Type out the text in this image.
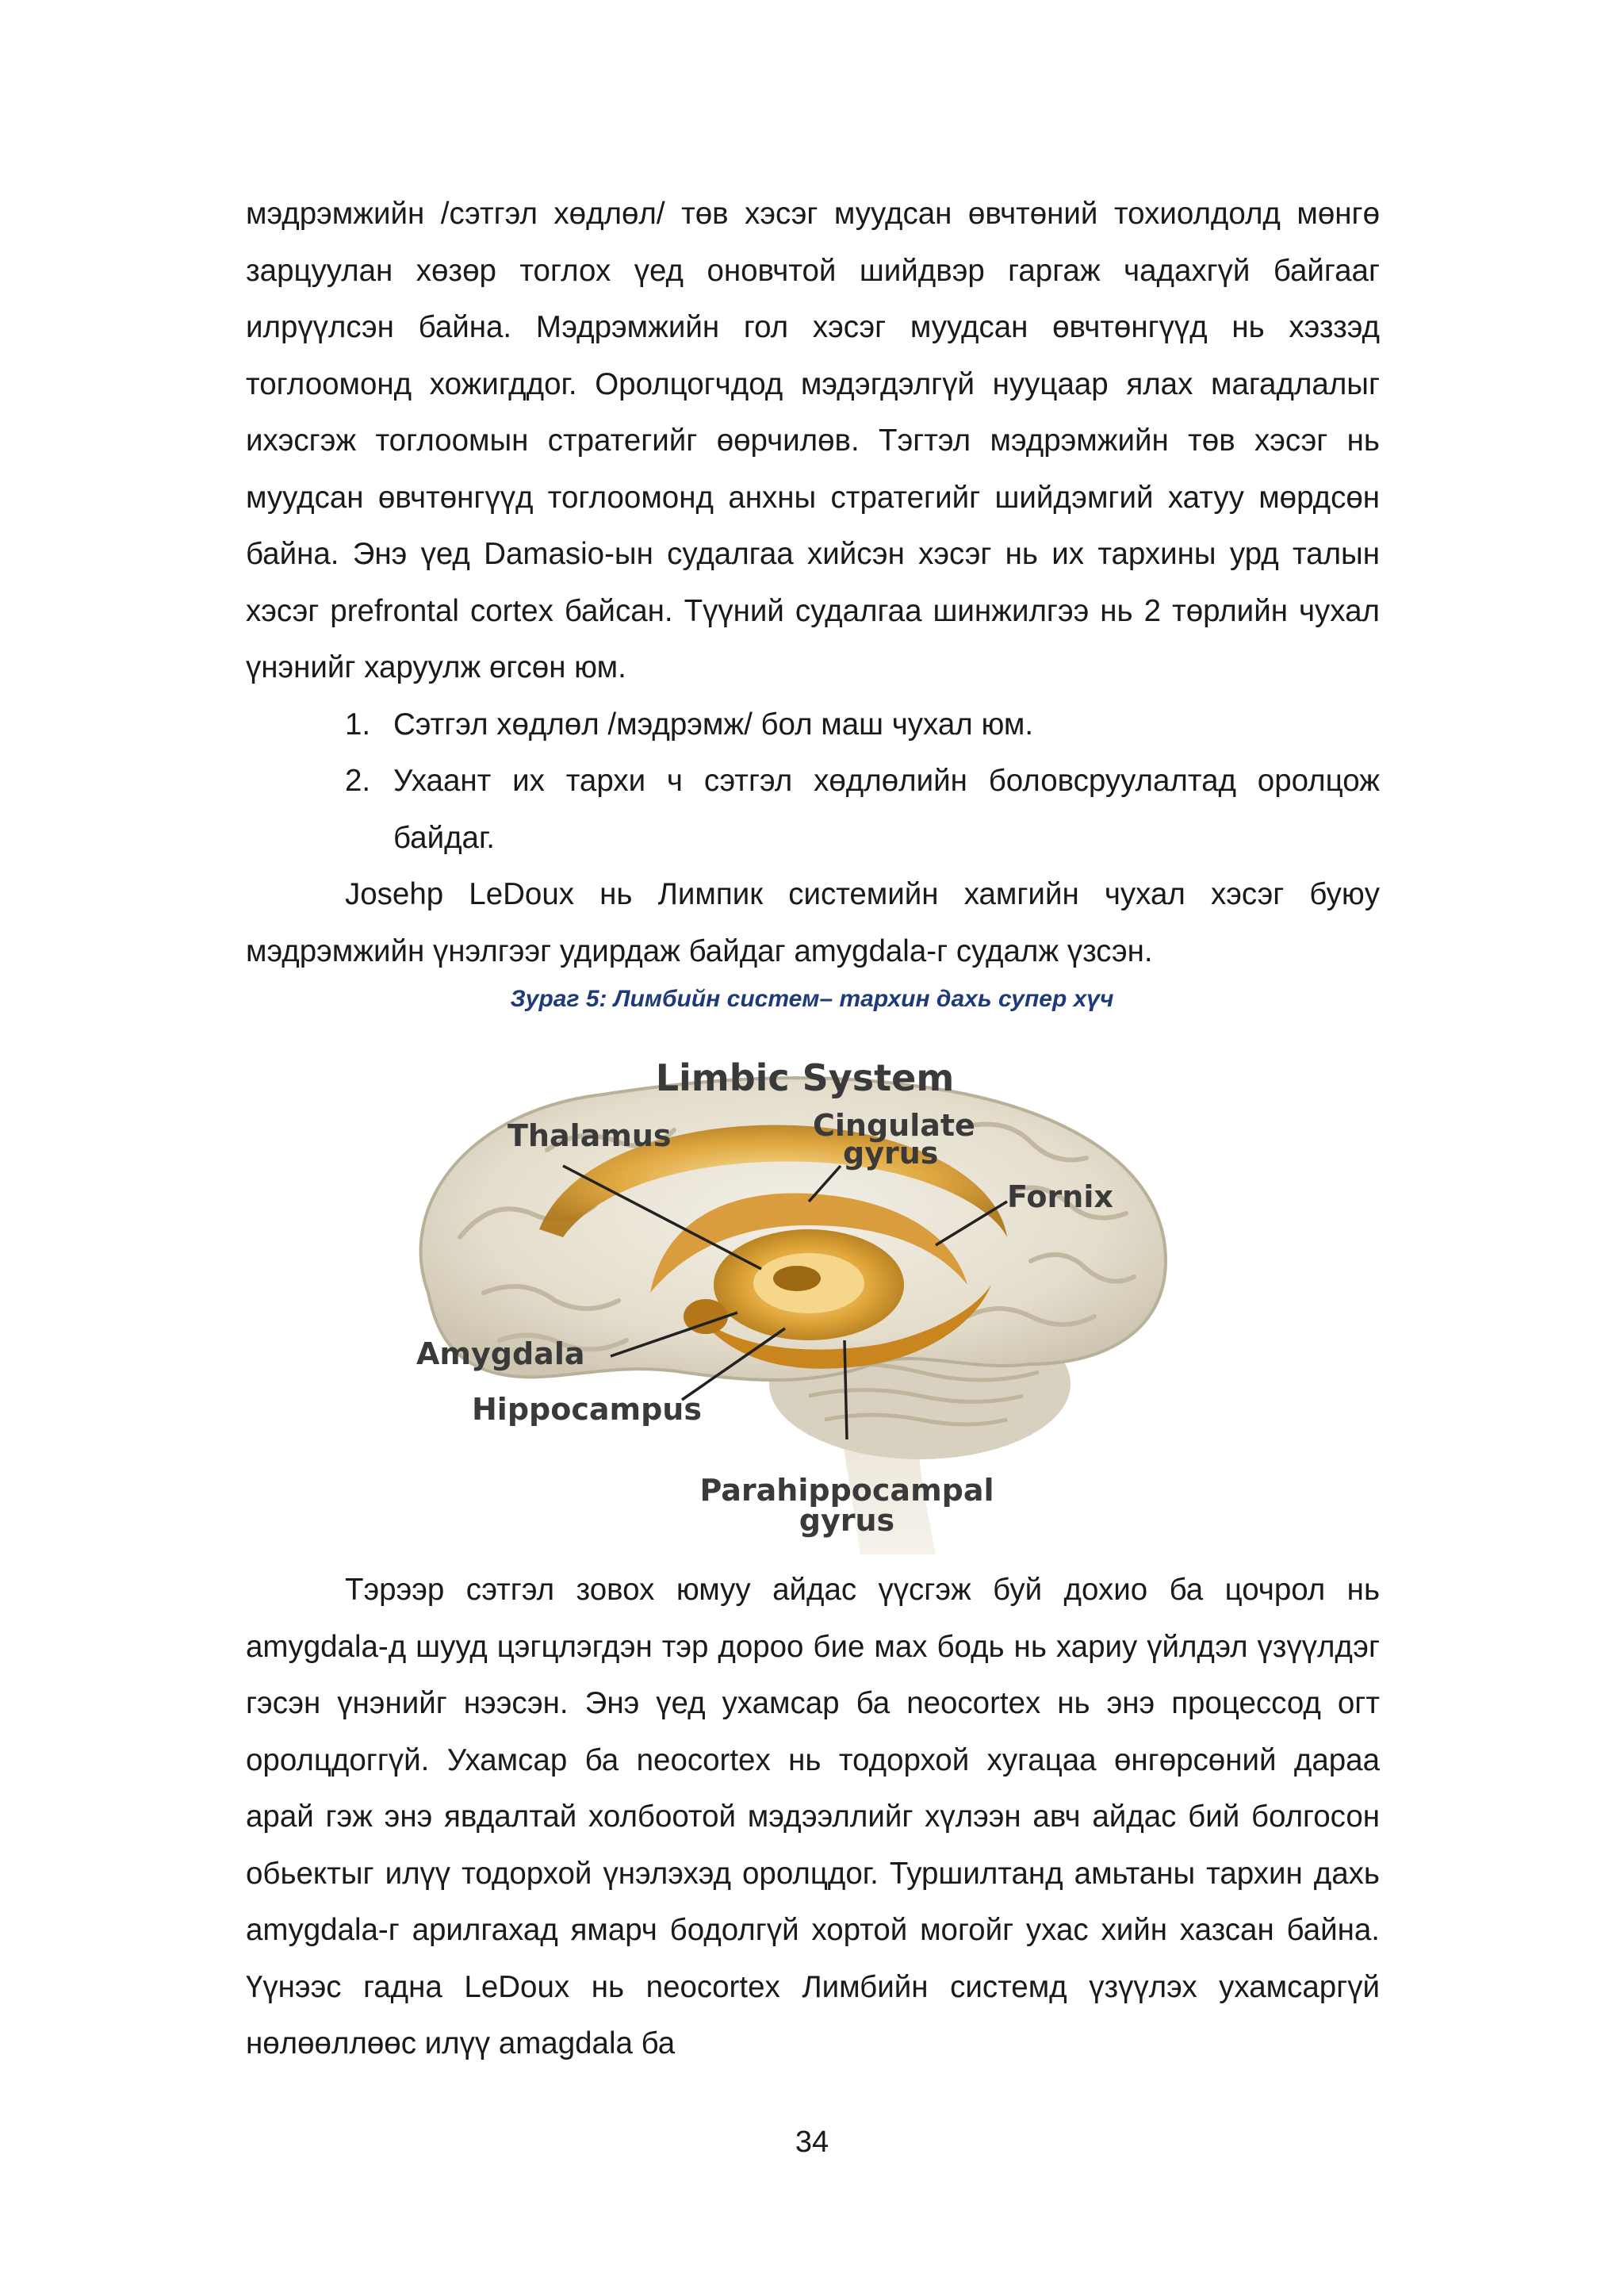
мэдрэмжийн /сэтгэл хөдлөл/ төв хэсэг муудсан өвчтөний тохиолдолд мөнгө зарцуулан хөзөр тоглох үед оновчтой шийдвэр гаргаж чадахгүй байгааг илрүүлсэн байна. Мэдрэмжийн гол хэсэг муудсан өвчтөнгүүд нь хэззэд тоглоомонд хожигддог. Оролцогчдод мэдэгдэлгүй нууцаар ялах магадлалыг ихэсгэж тоглоомын стратегийг өөрчилөв. Тэгтэл мэдрэмжийн төв хэсэг нь муудсан өвчтөнгүүд тоглоомонд анхны стратегийг шийдэмгий хатуу мөрдсөн байна. Энэ үед Damasio-ын судалгаа хийсэн хэсэг нь их тархины урд талын хэсэг prefrontal cortex байсан. Түүний судалгаа шинжилгээ нь 2 төрлийн чухал үнэнийг харуулж өгсөн юм.

1. Сэтгэл хөдлөл /мэдрэмж/ бол маш чухал юм.
2. Ухаант их тархи ч сэтгэл хөдлөлийн боловсруулалтад оролцож байдаг.

Josehp LeDoux нь Лимпик системийн хамгийн чухал хэсэг буюу мэдрэмжийн үнэлгээг удирдаж байдаг amygdala-г судалж үзсэн.

Зураг 5: Лимбийн систем– тархин дахь супер хүч
Limbic System
Thalamus	Cingulate
gyrus
Fornix
Amygdala
Hippocampus
Parahippocampal
gyrus

Тэрээр сэтгэл зовох юмуу айдас үүсгэж буй дохио ба цочрол нь amygdala-д шууд цэгцлэгдэн тэр дороо бие мах бодь нь хариу үйлдэл үзүүлдэг гэсэн үнэнийг нээсэн. Энэ үед ухамсар ба neocortex нь энэ процессод огт оролцдоггүй. Ухамсар ба neocortex нь тодорхой хугацаа өнгөрсөний дараа арай гэж энэ явдалтай холбоотой мэдээллийг хүлээн авч айдас бий болгосон обьектыг илүү тодорхой үнэлэхэд оролцдог. Туршилтанд амьтаны тархин дахь amygdala-г арилгахад ямарч бодолгүй хортой могойг ухас хийн хазсан байна. Үүнээс гадна LeDoux нь neocortex Лимбийн системд үзүүлэх ухамсаргүй нөлөөллөөс илүү amagdala ба

34
